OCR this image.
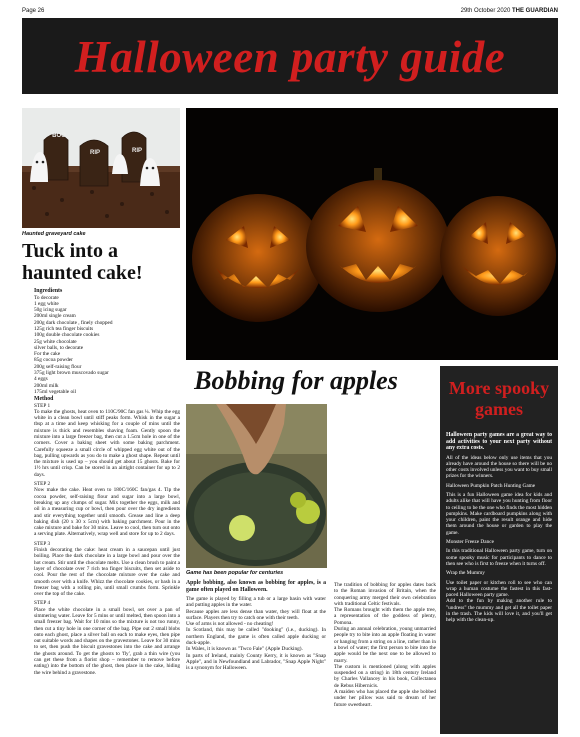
Page 26	29th October 2020 THE GUARDIAN
Halloween party guide
BOO
RIP	RIP
Haunted graveyard cake
Tuck into a haunted cake!
Ingredients
To decorate
1 egg white
50g icing sugar
200ml single cream
200g dark chocolate , finely chopped
125g rich tea finger biscuits
100g double chocolate cookies
25g white chocolate
silver balls, to decorate
For the cake
85g cocoa powder
200g self-raising flour
375g light brown muscovado sugar
4 eggs
200ml milk
175ml vegetable oil
Method
STEP 1

To make the ghosts, heat oven to 110C/90C fan gas ¼. Whip the egg white in a clean bowl until stiff peaks form. Whisk in the sugar a tbsp at a time and keep whisking for a couple of mins until the mixture is thick and resembles shaving foam. Gently spoon the mixture into a large freezer bag, then cut a 1.5cm hole in one of the corners. Cover a baking sheet with some baking parchment. Carefully squeeze a small circle of whipped egg white out of the bag, pulling upwards as you do to make a ghost shape. Repeat until the mixture is used up – you should get about 15 ghosts. Bake for 1½ hrs until crisp. Can be stored in an airtight container for up to 2 days.

STEP 2

Now make the cake. Heat oven to 180C/160C fan/gas 4. Tip the cocoa powder, self-raising flour and sugar into a large bowl, breaking up any clumps of sugar. Mix together the eggs, milk and oil in a measuring cup or bowl, then pour over the dry ingredients and stir everything together until smooth. Grease and line a deep baking dish (20 x 30 x 5cm) with baking parchment. Pour in the cake mixture and bake for 30 mins. Leave to cool, then turn out onto a serving plate. Alternatively, wrap well and store for up to 2 days.

STEP 3

Finish decorating the cake: heat cream in a saucepan until just boiling. Place the dark chocolate in a large bowl and pour over the hot cream. Stir until the chocolate melts. Use a clean brush to paint a layer of chocolate over 7 rich tea finger biscuits, then set aside to cool. Pour the rest of the chocolate mixture over the cake and smooth over with a knife. Whizz the chocolate cookies, or bash in a freezer bag with a rolling pin, until small crumbs form. Sprinkle over the top of the cake.

STEP 4

Place the white chocolate in a small bowl, set over a pan of simmering water. Leave for 5 mins or until melted, then spoon into a small freezer bag. Wait for 10 mins so the mixture is not too runny, then cut a tiny hole in one corner of the bag. Pipe out 2 small blobs onto each ghost, place a silver ball on each to make eyes, then pipe out suitable words and shapes on the gravestones. Leave for 30 mins to set, then push the biscuit gravestones into the cake and arrange the ghosts around. To get the ghosts to 'fly', grab a thin wire (you can get these from a florist shop – remember to remove before eating) into the bottom of the ghost, then place in the cake, hiding the wire behind a gravestone.

Bobbing for apples
Game has been popular for centuries
Apple bobbing, also known as bobbing for apples, is a game often played on Halloween.
The game is played by filling a tub or a large basin with water and putting apples in the water.
Because apples are less dense than water, they will float at the surface. Players then try to catch one with their teeth.
Use of arms is not allowed - no cheating!
In Scotland, this may be called "dooking" (i.e., ducking). In northern England, the game is often called apple ducking or duck-apple.
In Wales, it is known as "Twco Fale" (Apple Ducking).
In parts of Ireland, mainly County Kerry, it is known as "Snap Apple", and in Newfoundland and Labrador, "Snap Apple Night" is a synonym for Halloween.
The tradition of bobbing for apples dates back to the Roman invasion of Britain, when the conquering army merged their own celebration with traditional Celtic festivals.
The Romans brought with them the apple tree, a representation of the goddess of plenty, Pomona.
During an annual celebration, young unmarried people try to bite into an apple floating in water or hanging from a string on a line, rather than in a bowl of water; the first person to bite into the apple would be the next one to be allowed to marry.
The custom is mentioned (along with apples suspended on a string) in 18th century Ireland by Charles Vallancey in his book, Collectanea de Rebus Hibernicis.
A maiden who has placed the apple she bobbed under her pillow was said to dream of her future sweetheart.
More spooky games

Halloween party games are a great way to add activities to your next party without any extra costs.

All of the ideas below only use items that you already have around the house so there will be no other costs involved unless you want to buy small prizes for the winners.

Halloween Pumpkin Patch Hunting Game

This is a fun Halloween game idea for kids and adults alike that will have you hunting from floor to ceiling to be the one who finds the most hidden pumpkins. Make cardboard pumpkins along with your children, paint the result orange and hide them around the house or garden to play the game.

Monster Freeze Dance

In this traditional Halloween party game, turn on some spooky music for participants to dance to then see who is first to freeze when it turns off.

Wrap the Mummy

Use toilet paper or kitchen roll to see who can wrap a human costume the fastest in this fast-paced Halloween party game.
Add to the fun by making another rule to "undress" the mummy and get all the toilet paper in the trash. The kids will love it, and you'll get help with the clean-up.
